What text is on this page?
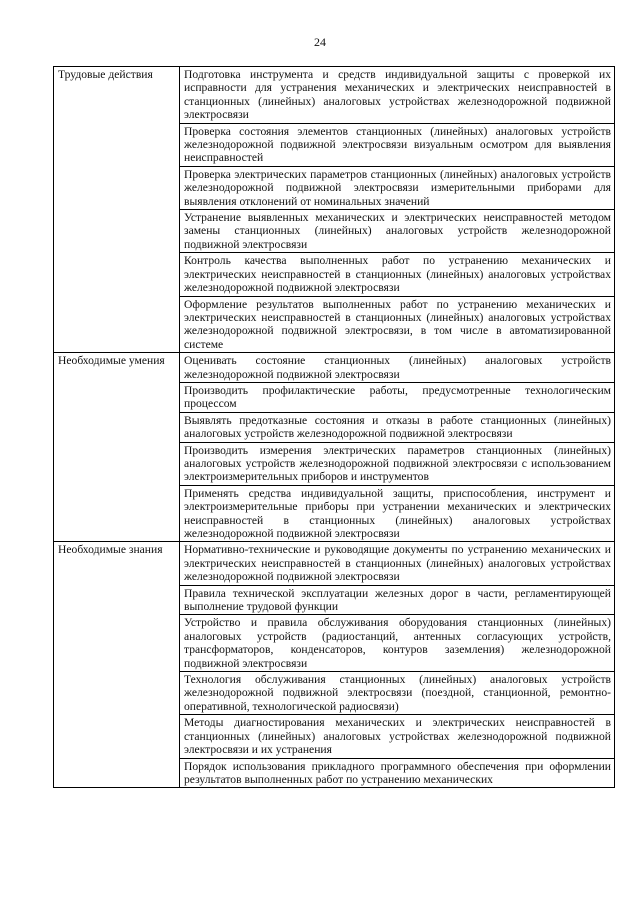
24
Трудовые действия	Подготовка инструмента и средств индивидуальной защиты с проверкой их исправности для устранения механических и электрических неисправностей в станционных (линейных) аналоговых устройствах железнодорожной подвижной электросвязи
	Проверка состояния элементов станционных (линейных) аналоговых устройств железнодорожной подвижной электросвязи визуальным осмотром для выявления неисправностей
	Проверка электрических параметров станционных (линейных) аналоговых устройств железнодорожной подвижной электросвязи измерительными приборами для выявления отклонений от номинальных значений
	Устранение выявленных механических и электрических неисправностей методом замены станционных (линейных) аналоговых устройств железнодорожной подвижной электросвязи
	Контроль качества выполненных работ по устранению механических и электрических неисправностей в станционных (линейных) аналоговых устройствах железнодорожной подвижной электросвязи
	Оформление результатов выполненных работ по устранению механических и электрических неисправностей в станционных (линейных) аналоговых устройствах железнодорожной подвижной электросвязи, в том числе в автоматизированной системе
Необходимые умения	Оценивать состояние станционных (линейных) аналоговых устройств железнодорожной подвижной электросвязи
	Производить профилактические работы, предусмотренные технологическим процессом
	Выявлять предотказные состояния и отказы в работе станционных (линейных) аналоговых устройств железнодорожной подвижной электросвязи
	Производить измерения электрических параметров станционных (линейных) аналоговых устройств железнодорожной подвижной электросвязи с использованием электроизмерительных приборов и инструментов
	Применять средства индивидуальной защиты, приспособления, инструмент и электроизмерительные приборы при устранении механических и электрических неисправностей в станционных (линейных) аналоговых устройствах железнодорожной подвижной электросвязи
Необходимые знания	Нормативно-технические и руководящие документы по устранению механических и электрических неисправностей в станционных (линейных) аналоговых устройствах железнодорожной подвижной электросвязи
	Правила технической эксплуатации железных дорог в части, регламентирующей выполнение трудовой функции
	Устройство и правила обслуживания оборудования станционных (линейных) аналоговых устройств (радиостанций, антенных согласующих устройств, трансформаторов, конденсаторов, контуров заземления) железнодорожной подвижной электросвязи
	Технология обслуживания станционных (линейных) аналоговых устройств железнодорожной подвижной электросвязи (поездной, станционной, ремонтно-оперативной, технологической радиосвязи)
	Методы диагностирования механических и электрических неисправностей в станционных (линейных) аналоговых устройствах железнодорожной подвижной электросвязи и их устранения
	Порядок использования прикладного программного обеспечения при оформлении результатов выполненных работ по устранению механических
